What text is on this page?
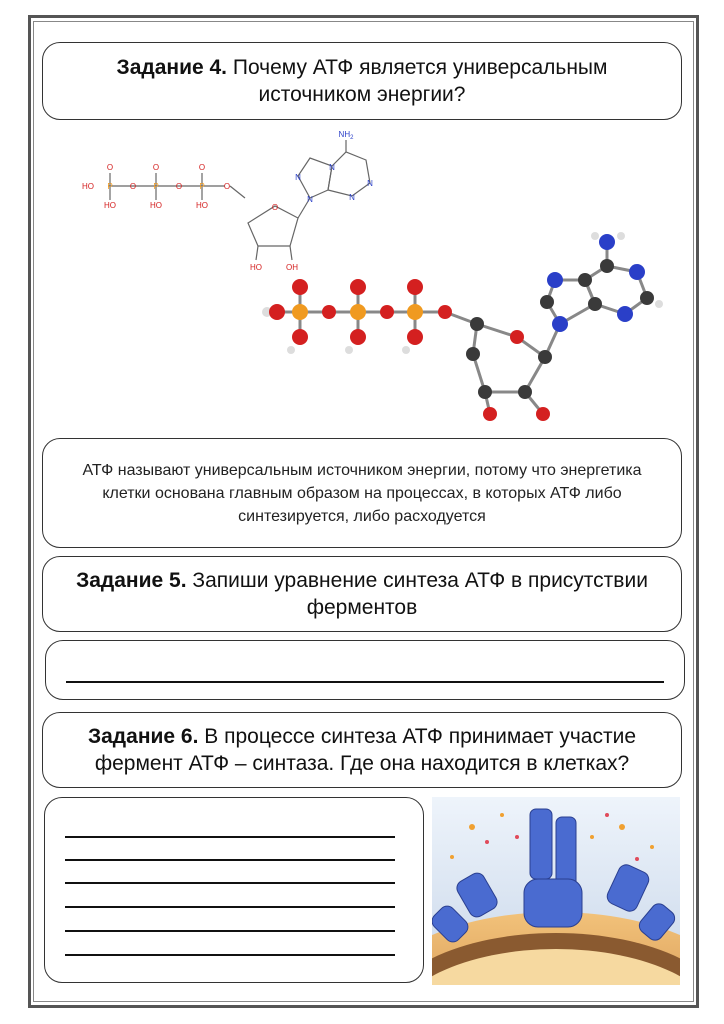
Задание 4. Почему АТФ является универсальным источником энергии?
HO P
O
HO
O P
O
HO
O P
O
HO
O
O
HO	OH
N
N
N
N
N
$NH_2$
АТФ называют универсальным источником энергии, потому что энергетика клетки основана главным образом на процессах, в которых АТФ либо синтезируется, либо расходуется
Задание 5. Запиши уравнение синтеза АТФ в присутствии ферментов
Задание 6. В процессе синтеза АТФ принимает участие фермент АТФ – синтаза. Где она находится в клетках?
